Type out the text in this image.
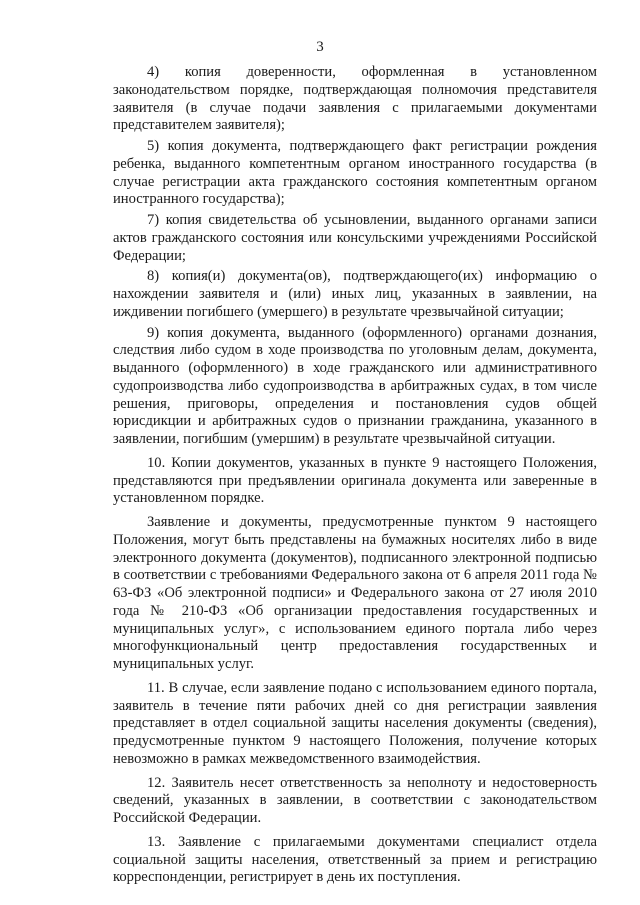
3

4) копия доверенности, оформленная в установленном законодательством порядке, подтверждающая полномочия представителя заявителя (в случае подачи заявления с прилагаемыми документами представителем заявителя);

5) копия документа, подтверждающего факт регистрации рождения ребенка, выданного компетентным органом иностранного государства (в случае регистрации акта гражданского состояния компетентным органом иностранного государства);

7) копия свидетельства об усыновлении, выданного органами записи актов гражданского состояния или консульскими учреждениями Российской Федерации;

8) копия(и) документа(ов), подтверждающего(их) информацию о нахождении заявителя и (или) иных лиц, указанных в заявлении, на иждивении погибшего (умершего) в результате чрезвычайной ситуации;

9) копия документа, выданного (оформленного) органами дознания, следствия либо судом в ходе производства по уголовным делам, документа, выданного (оформленного) в ходе гражданского или административного судопроизводства либо судопроизводства в арбитражных судах, в том числе решения, приговоры, определения и постановления судов общей юрисдикции и арбитражных судов о признании гражданина, указанного в заявлении, погибшим (умершим) в результате чрезвычайной ситуации.

10. Копии документов, указанных в пункте 9 настоящего Положения, представляются при предъявлении оригинала документа или заверенные в установленном порядке.

Заявление и документы, предусмотренные пунктом 9 настоящего Положения, могут быть представлены на бумажных носителях либо в виде электронного документа (документов), подписанного электронной подписью в соответствии с требованиями Федерального закона от 6 апреля 2011 года № 63-ФЗ «Об электронной подписи» и Федерального закона от 27 июля 2010 года № 210-ФЗ «Об организации предоставления государственных и муниципальных услуг», с использованием единого портала либо через многофункциональный центр предоставления государственных и муниципальных услуг.

11. В случае, если заявление подано с использованием единого портала, заявитель в течение пяти рабочих дней со дня регистрации заявления представляет в отдел социальной защиты населения документы (сведения), предусмотренные пунктом 9 настоящего Положения, получение которых невозможно в рамках межведомственного взаимодействия.

12. Заявитель несет ответственность за неполноту и недостоверность сведений, указанных в заявлении, в соответствии с законодательством Российской Федерации.

13. Заявление с прилагаемыми документами специалист отдела социальной защиты населения, ответственный за прием и регистрацию корреспонденции, регистрирует в день их поступления.
